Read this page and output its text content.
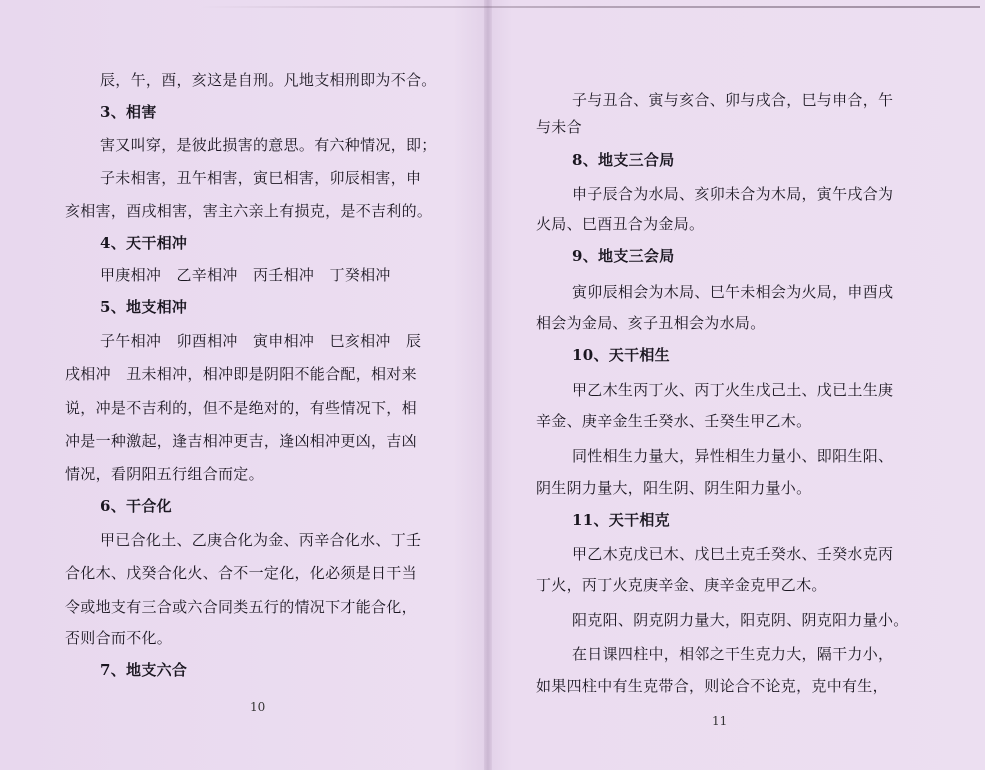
辰，午，酉，亥这是自刑。凡地支相刑即为不合。
3、相害
害又叫穿，是彼此损害的意思。有六种情况，即；
子未相害，丑午相害，寅巳相害，卯辰相害，申
亥相害，酉戌相害，害主六亲上有损克，是不吉利的。
4、天干相冲
甲庚相冲　乙辛相冲　丙壬相冲　丁癸相冲
5、地支相冲
子午相冲　卯酉相冲　寅申相冲　巳亥相冲　辰
戌相冲　丑未相冲，相冲即是阴阳不能合配，相对来
说，冲是不吉利的，但不是绝对的，有些情况下，相
冲是一种激起，逢吉相冲更吉，逢凶相冲更凶，吉凶
情况，看阴阳五行组合而定。
6、干合化
甲已合化土、乙庚合化为金、丙辛合化水、丁壬
合化木、戊癸合化火、合不一定化，化必须是日干当
令或地支有三合或六合同类五行的情况下才能合化，
否则合而不化。
7、地支六合
10
子与丑合、寅与亥合、卯与戌合，巳与申合，午
与未合
8、地支三合局
申子辰合为水局、亥卯未合为木局，寅午戌合为
火局、巳酉丑合为金局。
9、地支三会局
寅卯辰相会为木局、巳午未相会为火局，申酉戌
相会为金局、亥子丑相会为水局。
10、天干相生
甲乙木生丙丁火、丙丁火生戊己土、戊已土生庚
辛金、庚辛金生壬癸水、壬癸生甲乙木。
同性相生力量大，异性相生力量小、即阳生阳、
阴生阴力量大，阳生阴、阴生阳力量小。
11、天干相克
甲乙木克戊已木、戊巳土克壬癸水、壬癸水克丙
丁火，丙丁火克庚辛金、庚辛金克甲乙木。
阳克阳、阴克阴力量大，阳克阴、阴克阳力量小。
在日课四柱中，相邻之干生克力大，隔干力小，
如果四柱中有生克带合，则论合不论克，克中有生，
11
